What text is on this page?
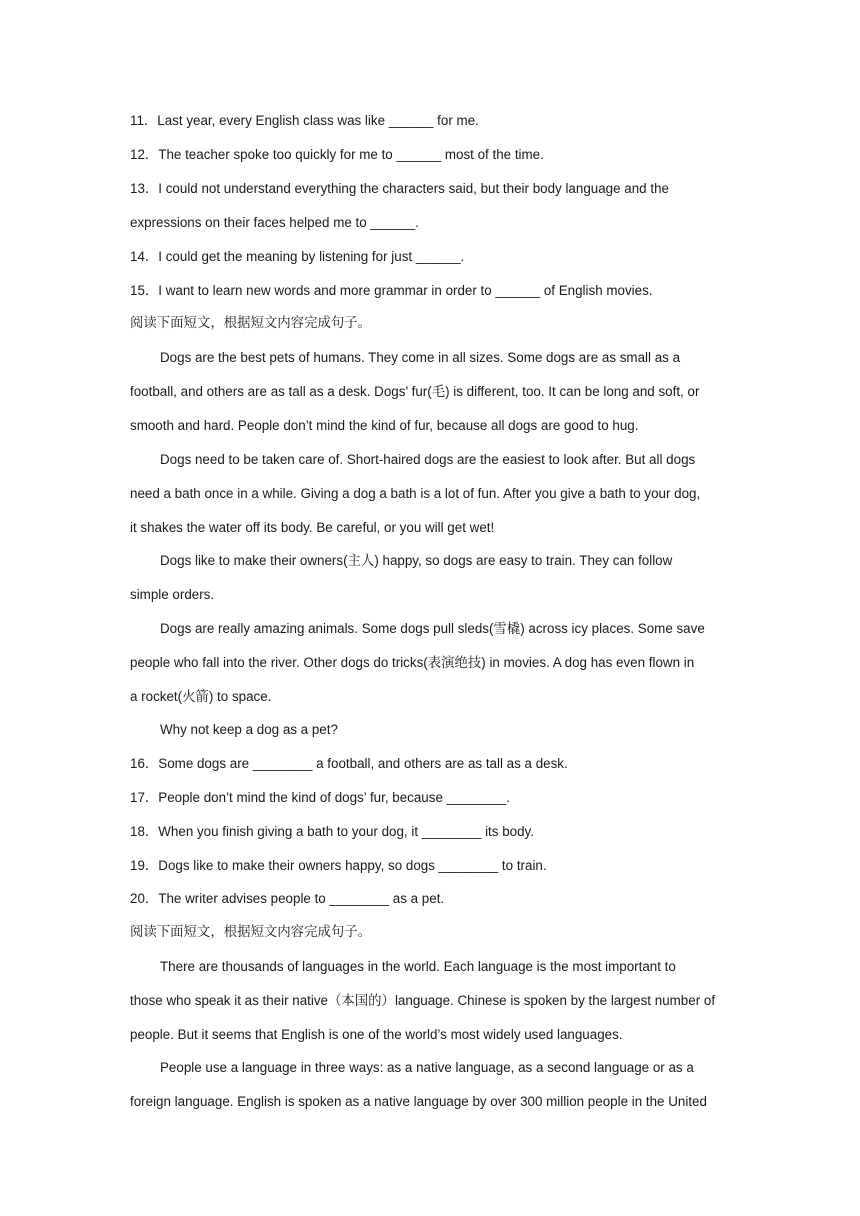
11．Last year, every English class was like ______ for me.
12．The teacher spoke too quickly for me to ______ most of the time.
13．I could not understand everything the characters said, but their body language and the
expressions on their faces helped me to ______.
14．I could get the meaning by listening for just ______.
15．I want to learn new words and more grammar in order to ______ of English movies.
阅读下面短文，根据短文内容完成句子。
Dogs are the best pets of humans. They come in all sizes. Some dogs are as small as a
football, and others are as tall as a desk. Dogs’ fur(毛) is different, too. It can be long and soft, or
smooth and hard. People don’t mind the kind of fur, because all dogs are good to hug.
Dogs need to be taken care of. Short-haired dogs are the easiest to look after. But all dogs
need a bath once in a while. Giving a dog a bath is a lot of fun. After you give a bath to your dog,
it shakes the water off its body. Be careful, or you will get wet!
Dogs like to make their owners(主人) happy, so dogs are easy to train. They can follow
simple orders.
Dogs are really amazing animals. Some dogs pull sleds(雪橇) across icy places. Some save
people who fall into the river. Other dogs do tricks(表演绝技) in movies. A dog has even flown in
a rocket(火箭) to space.
Why not keep a dog as a pet?
16．Some dogs are ________ a football, and others are as tall as a desk.
17．People don’t mind the kind of dogs’ fur, because ________.
18．When you finish giving a bath to your dog, it ________ its body.
19．Dogs like to make their owners happy, so dogs ________ to train.
20．The writer advises people to ________ as a pet.
阅读下面短文，根据短文内容完成句子。
There are thousands of languages in the world. Each language is the most important to
those who speak it as their native（本国的）language. Chinese is spoken by the largest number of
people. But it seems that English is one of the world’s most widely used languages.
People use a language in three ways: as a native language, as a second language or as a
foreign language. English is spoken as a native language by over 300 million people in the United
